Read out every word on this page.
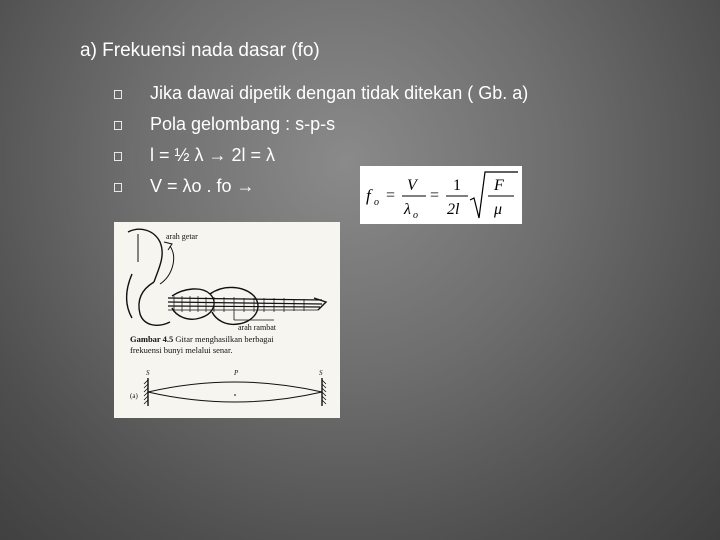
a) Frekuensi nada dasar (fo)
Jika dawai dipetik dengan tidak ditekan ( Gb. a)
Pola gelombang : s-p-s
l = ½ λ → 2l = λ
V = λo . fo →	f o =
V
λ o
=
1
2l
F
μ
arah getar
arah rambat
Gambar 4.5 Gitar menghasilkan berbagai
frekuensi bunyi melalui senar.
S	P	S
(a)
